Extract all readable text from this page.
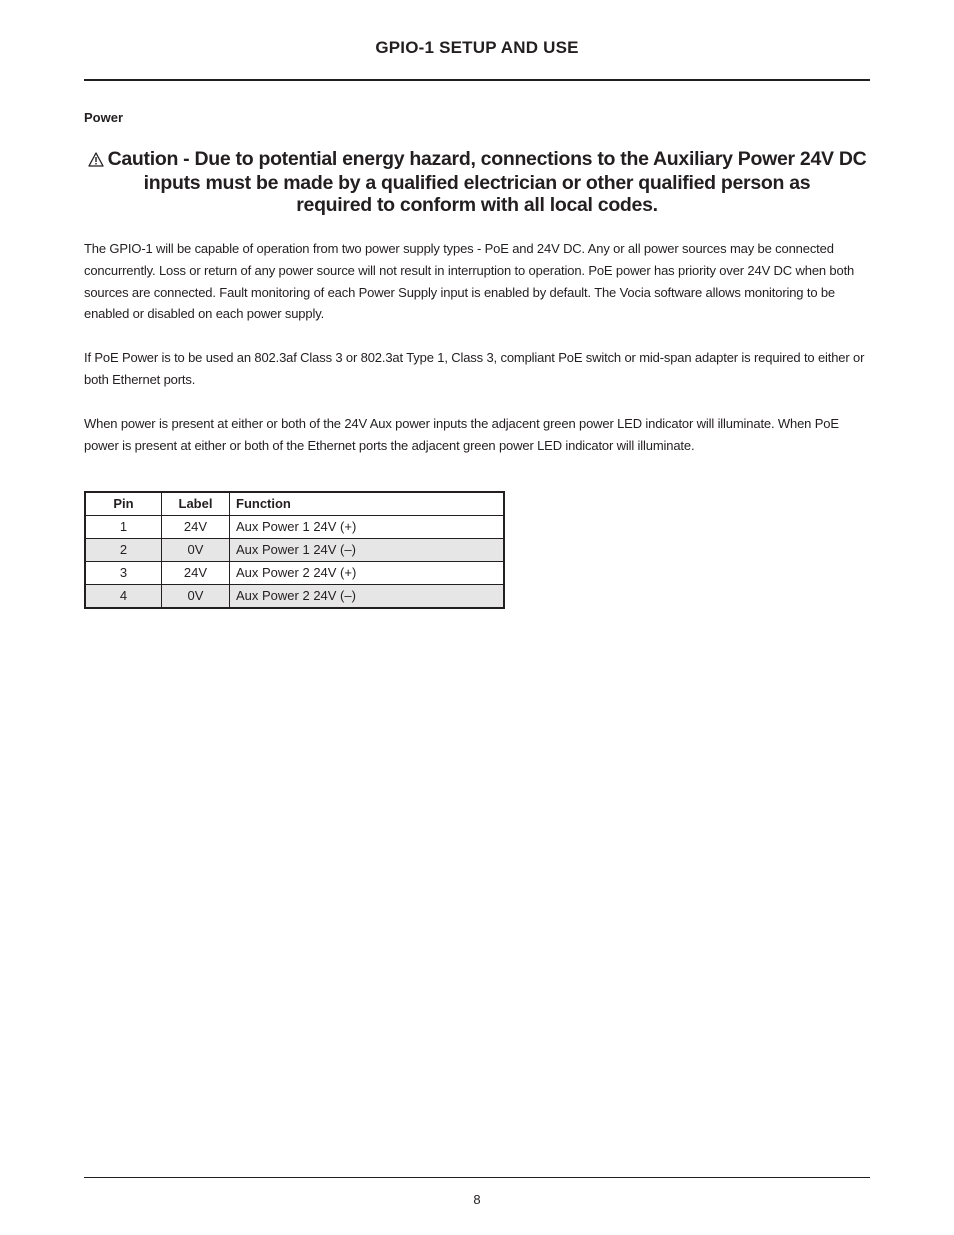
GPIO-1 SETUP AND USE
Power
Caution - Due to potential energy hazard, connections to the Auxiliary Power 24V DC
inputs must be made by a qualified electrician or other qualified person as
required to conform with all local codes.
The GPIO-1 will be capable of operation from two power supply types - PoE and 24V DC. Any or all power sources may be connected concurrently. Loss or return of any power source will not result in interruption to operation. PoE power has priority over 24V DC when both sources are connected. Fault monitoring of each Power Supply input is enabled by default. The Vocia software allows monitoring to be enabled or disabled on each power supply.
If PoE Power is to be used an 802.3af Class 3 or 802.3at Type 1, Class 3, compliant PoE switch or mid-span adapter is required to either or both Ethernet ports.
When power is present at either or both of the 24V Aux power inputs the adjacent green power LED indicator will illuminate. When PoE power is present at either or both of the Ethernet ports the adjacent green power LED indicator will illuminate.
Pin	Label	Function
1	24V	Aux Power 1 24V (+)
2	0V	Aux Power 1 24V (–)
3	24V	Aux Power 2 24V (+)
4	0V	Aux Power 2 24V (–)
8
